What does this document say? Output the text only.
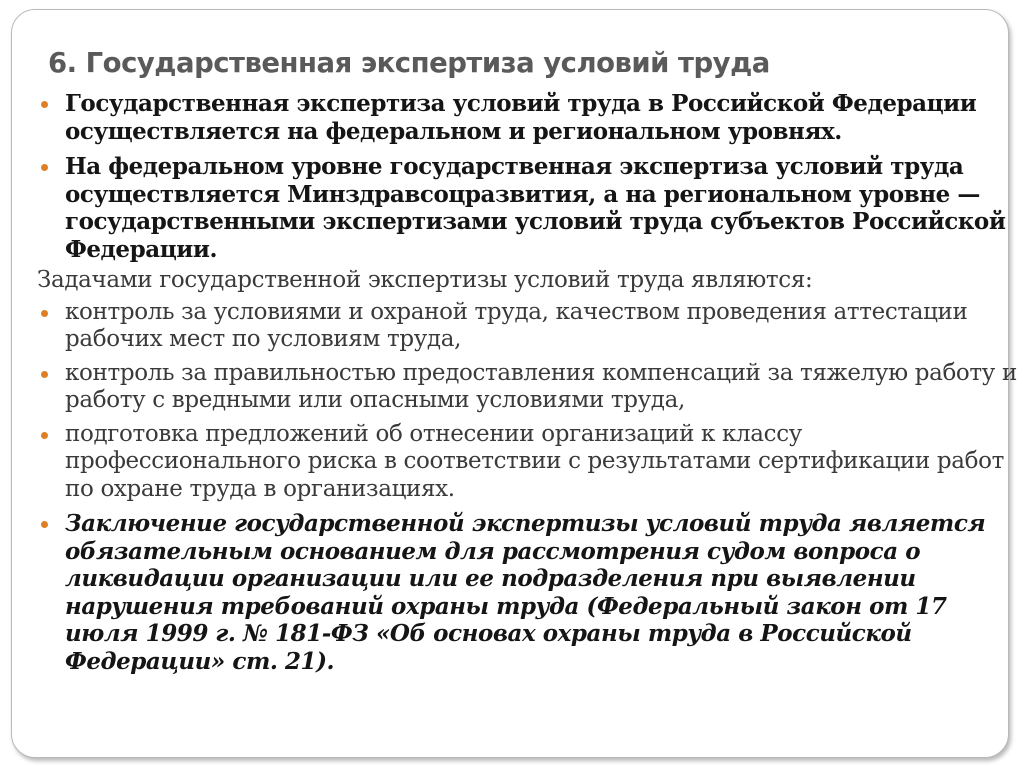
6. Государственная экспертиза условий труда
Государственная экспертиза условий труда в Российской Федерации осуществляется на федеральном и региональном уровнях.
На федеральном уровне государственная экспертиза условий труда осуществляется Минздравсоцразвития, а на региональном уровне — государственными экспертизами условий труда субъектов Российской Федерации.
Задачами государственной экспертизы условий труда являются:
контроль за условиями и охраной труда, качеством проведения аттестации рабочих мест по условиям труда,
контроль за правильностью предоставления компенсаций за тяжелую работу и работу с вредными или опасными условиями труда,
подготовка предложений об отнесении организаций к классу профессионального риска в соответствии с результатами сертификации работ по охране труда в организациях.
Заключение государственной экспертизы условий труда является обязательным основанием для рассмотрения судом вопроса о ликвидации организации или ее подразделения при выявлении нарушения требований охраны труда (Федеральный закон от 17 июля 1999 г. № 181-ФЗ «Об основах охраны труда в Российской Федерации» ст. 21).
